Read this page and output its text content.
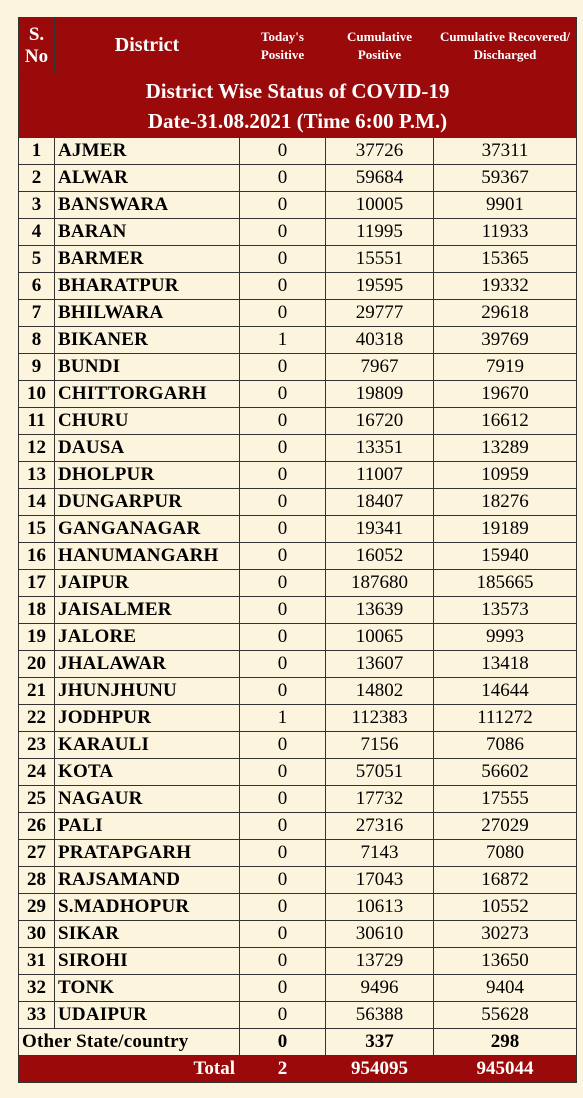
District Wise Status of COVID-19
Date-31.08.2021 (Time 6:00 P.M.)				

S. No	District	Today's Positive	Cumulative Positive	Cumulative Recovered/ Discharged
1	AJMER	0	37726	37311
2	ALWAR	0	59684	59367
3	BANSWARA	0	10005	9901
4	BARAN	0	11995	11933
5	BARMER	0	15551	15365
6	BHARATPUR	0	19595	19332
7	BHILWARA	0	29777	29618
8	BIKANER	1	40318	39769
9	BUNDI	0	7967	7919
10	CHITTORGARH	0	19809	19670
11	CHURU	0	16720	16612
12	DAUSA	0	13351	13289
13	DHOLPUR	0	11007	10959
14	DUNGARPUR	0	18407	18276
15	GANGANAGAR	0	19341	19189
16	HANUMANGARH	0	16052	15940
17	JAIPUR	0	187680	185665
18	JAISALMER	0	13639	13573
19	JALORE	0	10065	9993
20	JHALAWAR	0	13607	13418
21	JHUNJHUNU	0	14802	14644
22	JODHPUR	1	112383	111272
23	KARAULI	0	7156	7086
24	KOTA	0	57051	56602
25	NAGAUR	0	17732	17555
26	PALI	0	27316	27029
27	PRATAPGARH	0	7143	7080
28	RAJSAMAND	0	17043	16872
29	S.MADHOPUR	0	10613	10552
30	SIKAR	0	30610	30273
31	SIROHI	0	13729	13650
32	TONK	0	9496	9404
33	UDAIPUR	0	56388	55628
Other State/country		0	337	298
Total		2	954095	945044
